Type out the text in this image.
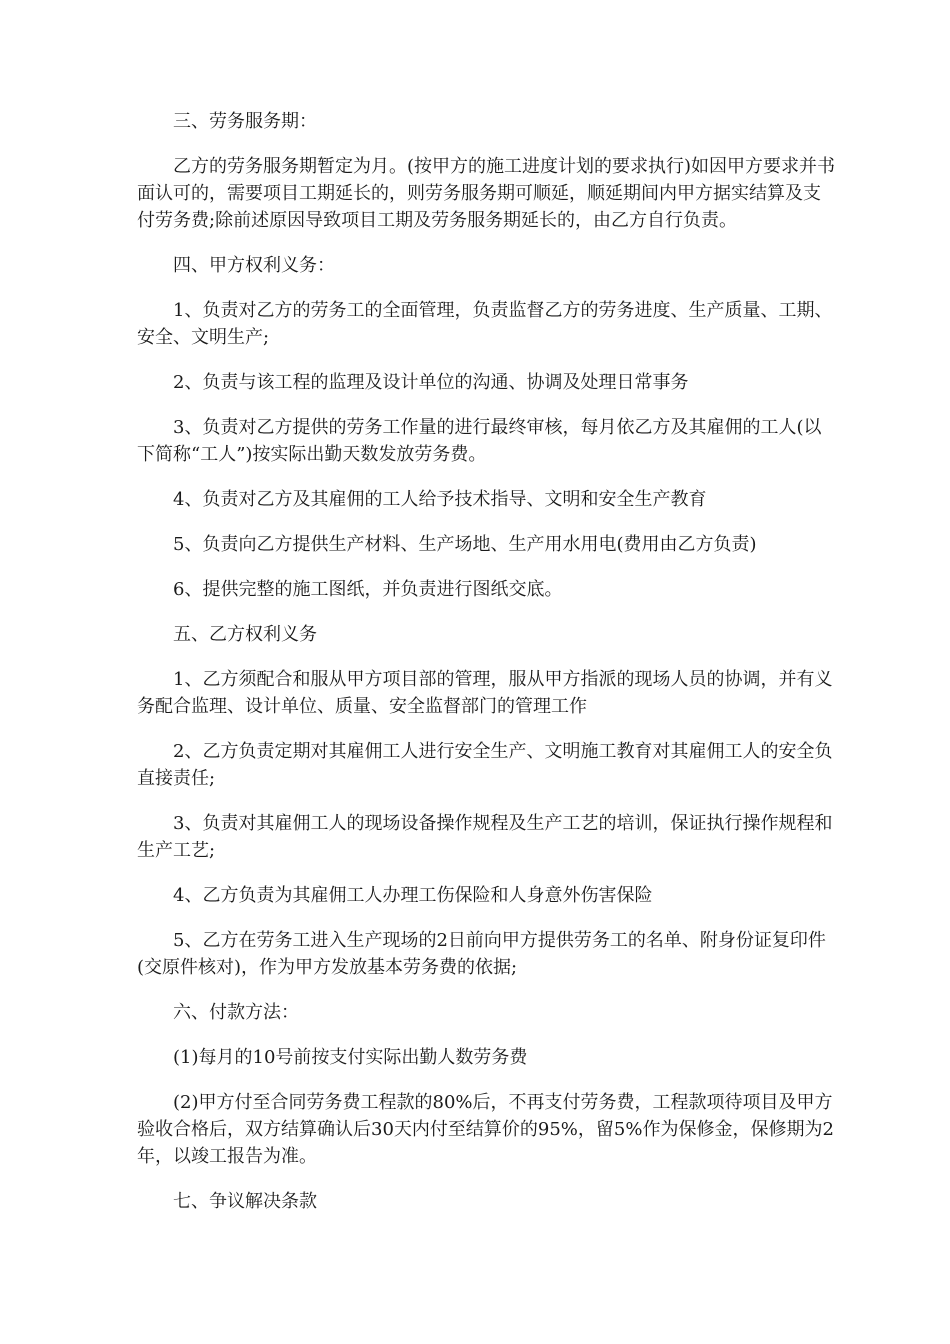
三、劳务服务期：

乙方的劳务服务期暂定为月。(按甲方的施工进度计划的要求执行)如因甲方要求并书面认可的，需要项目工期延长的，则劳务服务期可顺延，顺延期间内甲方据实结算及支付劳务费;除前述原因导致项目工期及劳务服务期延长的，由乙方自行负责。

四、甲方权利义务：

1、负责对乙方的劳务工的全面管理，负责监督乙方的劳务进度、生产质量、工期、安全、文明生产;

2、负责与该工程的监理及设计单位的沟通、协调及处理日常事务

3、负责对乙方提供的劳务工作量的进行最终审核，每月依乙方及其雇佣的工人(以下简称“工人”)按实际出勤天数发放劳务费。

4、负责对乙方及其雇佣的工人给予技术指导、文明和安全生产教育

5、负责向乙方提供生产材料、生产场地、生产用水用电(费用由乙方负责)

6、提供完整的施工图纸，并负责进行图纸交底。

五、乙方权利义务

1、乙方须配合和服从甲方项目部的管理，服从甲方指派的现场人员的协调，并有义务配合监理、设计单位、质量、安全监督部门的管理工作

2、乙方负责定期对其雇佣工人进行安全生产、文明施工教育对其雇佣工人的安全负直接责任;

3、负责对其雇佣工人的现场设备操作规程及生产工艺的培训，保证执行操作规程和生产工艺;

4、乙方负责为其雇佣工人办理工伤保险和人身意外伤害保险

5、乙方在劳务工进入生产现场的2日前向甲方提供劳务工的名单、附身份证复印件(交原件核对)，作为甲方发放基本劳务费的依据;

六、付款方法：

(1)每月的10号前按支付实际出勤人数劳务费

(2)甲方付至合同劳务费工程款的80%后，不再支付劳务费，工程款项待项目及甲方验收合格后，双方结算确认后30天内付至结算价的95%，留5%作为保修金，保修期为2年，以竣工报告为准。

七、争议解决条款
